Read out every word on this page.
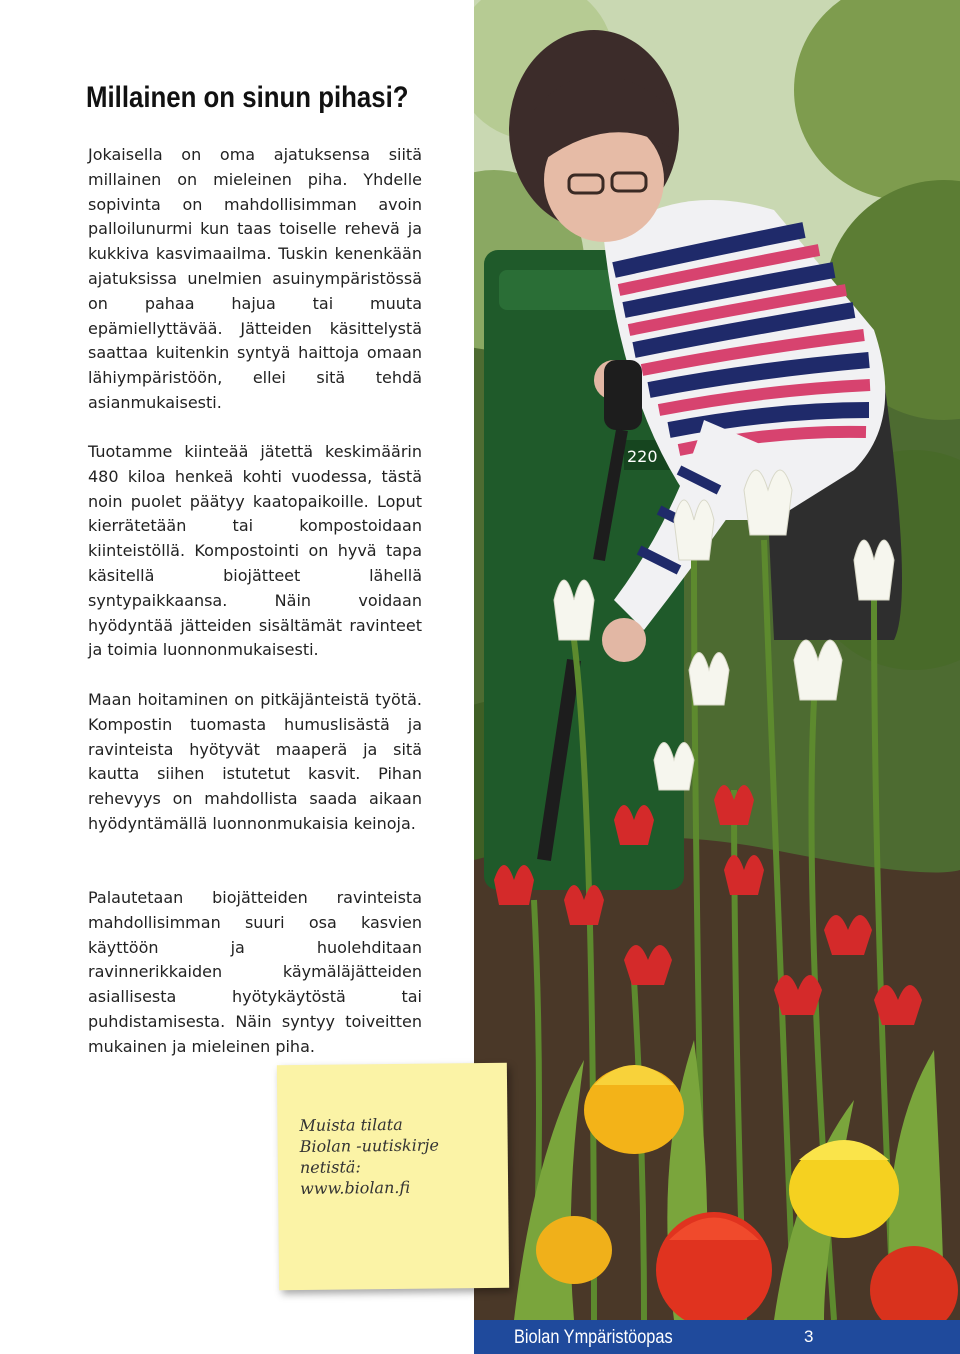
Millainen on sinun pihasi?

Jokaisella on oma ajatuksensa siitä millainen on mieleinen piha. Yhdelle sopivinta on mahdollisimman avoin palloilunurmi kun taas toiselle rehevä ja kukkiva kasvimaailma. Tuskin kenenkään ajatuksissa unelmien asuinympäristössä on pahaa hajua tai muuta epämiellyttävää. Jätteiden käsittelystä saattaa kuitenkin syntyä haittoja omaan lähiympäristöön, ellei sitä tehdä asianmukaisesti.

Tuotamme kiinteää jätettä keskimäärin 480 kiloa henkeä kohti vuodessa, tästä noin puolet päätyy kaatopaikoille. Loput kierrätetään tai kompostoidaan kiinteistöllä. Kompostointi on hyvä tapa käsitellä biojätteet lähellä syntypaikkaansa. Näin voidaan hyödyntää jätteiden sisältämät ravinteet ja toimia luonnonmukaisesti.

Maan hoitaminen on pitkäjänteistä työtä. Kompostin tuomasta humuslisästä ja ravinteista hyötyvät maaperä ja sitä kautta siihen istutetut kasvit. Pihan rehevyys on mahdollista saada aikaan hyödyntämällä luonnonmukaisia keinoja.

Palautetaan biojätteiden ravinteista mahdollisimman suuri osa kasvien käyttöön ja huolehditaan ravinnerikkaiden käymäläjätteiden asiallisesta hyötykäytöstä tai puhdistamisesta. Näin syntyy toiveitten mukainen ja mieleinen piha.

220
Muista tilata
Biolan -uutiskirje
netistä:
www.biolan.fi
Biolan Ympäristöopas	3
